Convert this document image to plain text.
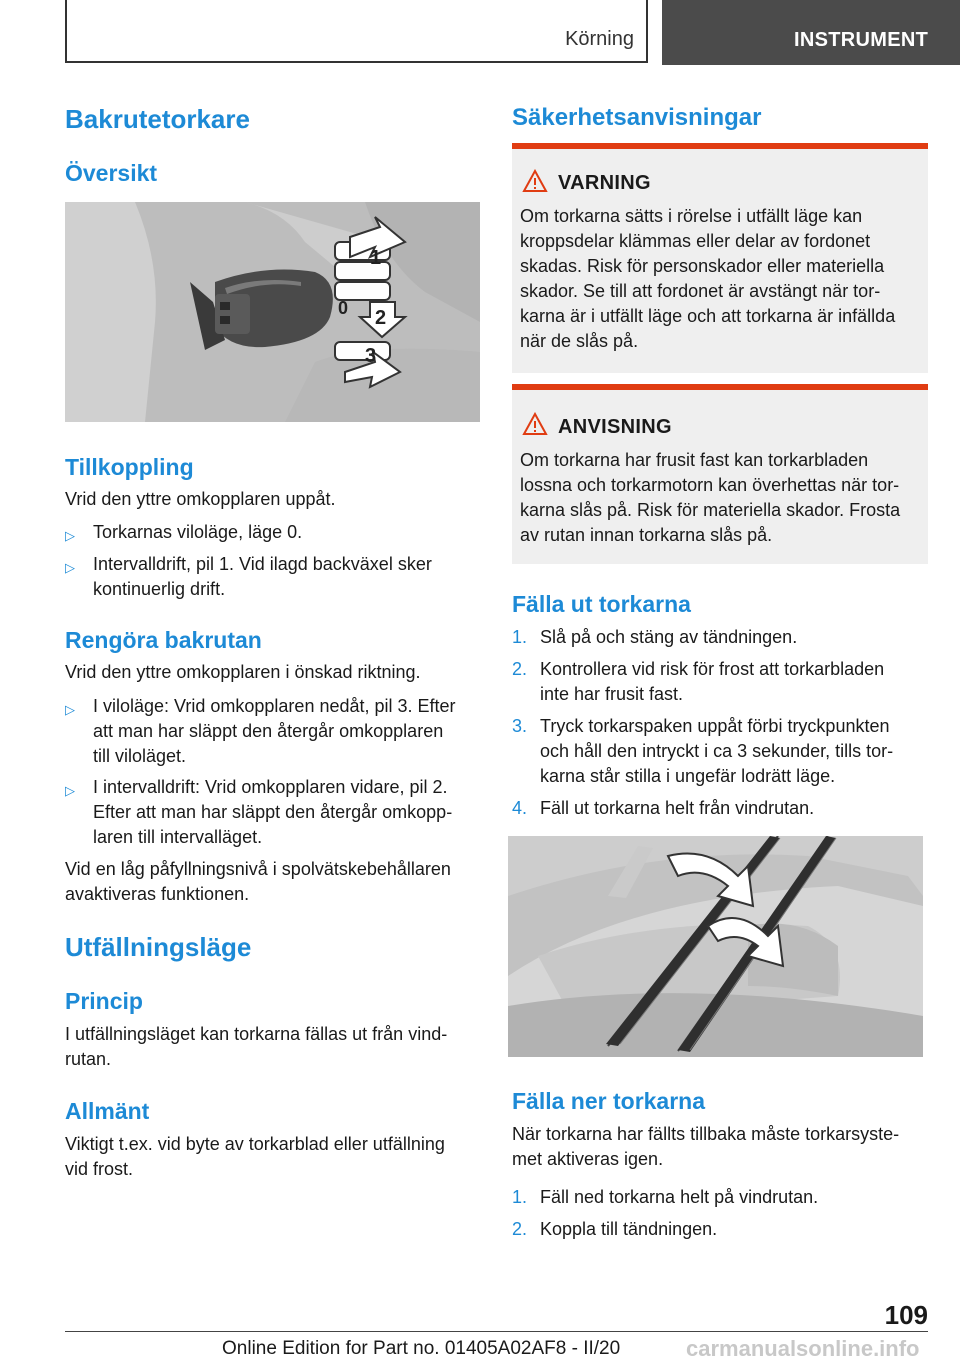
Körning	INSTRUMENT
Bakrutetorkare
Översikt
1
0 2
3
Tillkoppling
Vrid den yttre omkopplaren uppåt.
▷ Torkarnas viloläge, läge 0.
▷ Intervalldrift, pil 1. Vid ilagd backväxel sker
kontinuerlig drift.
Rengöra bakrutan
Vrid den yttre omkopplaren i önskad riktning.
▷ I viloläge: Vrid omkopplaren nedåt, pil 3. Efter
att man har släppt den återgår omkopplaren
till viloläget.
▷ I intervalldrift: Vrid omkopplaren vidare, pil 2.
Efter att man har släppt den återgår omkopp-
laren till intervalläget.
Vid en låg påfyllningsnivå i spolvätskebehållaren
avaktiveras funktionen.
Utfällningsläge
Princip
I utfällningsläget kan torkarna fällas ut från vind-
rutan.
Allmänt
Viktigt t.ex. vid byte av torkarblad eller utfällning
vid frost.
Säkerhetsanvisningar
VARNING
Om torkarna sätts i rörelse i utfällt läge kan
kroppsdelar klämmas eller delar av fordonet
skadas. Risk för personskador eller materiella
skador. Se till att fordonet är avstängt när tor-
karna är i utfällt läge och att torkarna är infällda
när de slås på.
ANVISNING
Om torkarna har frusit fast kan torkarbladen
lossna och torkarmotorn kan överhettas när tor-
karna slås på. Risk för materiella skador. Frosta
av rutan innan torkarna slås på.
Fälla ut torkarna
1. Slå på och stäng av tändningen.
2. Kontrollera vid risk för frost att torkarbladen
inte har frusit fast.
3. Tryck torkarspaken uppåt förbi tryckpunkten
och håll den intryckt i ca 3 sekunder, tills tor-
karna står stilla i ungefär lodrätt läge.
4. Fäll ut torkarna helt från vindrutan.
Fälla ner torkarna
När torkarna har fällts tillbaka måste torkarsyste-
met aktiveras igen.
1. Fäll ned torkarna helt på vindrutan.
2. Koppla till tändningen.
109
Online Edition for Part no. 01405A02AF8 - II/20	carmanualsonline.info
